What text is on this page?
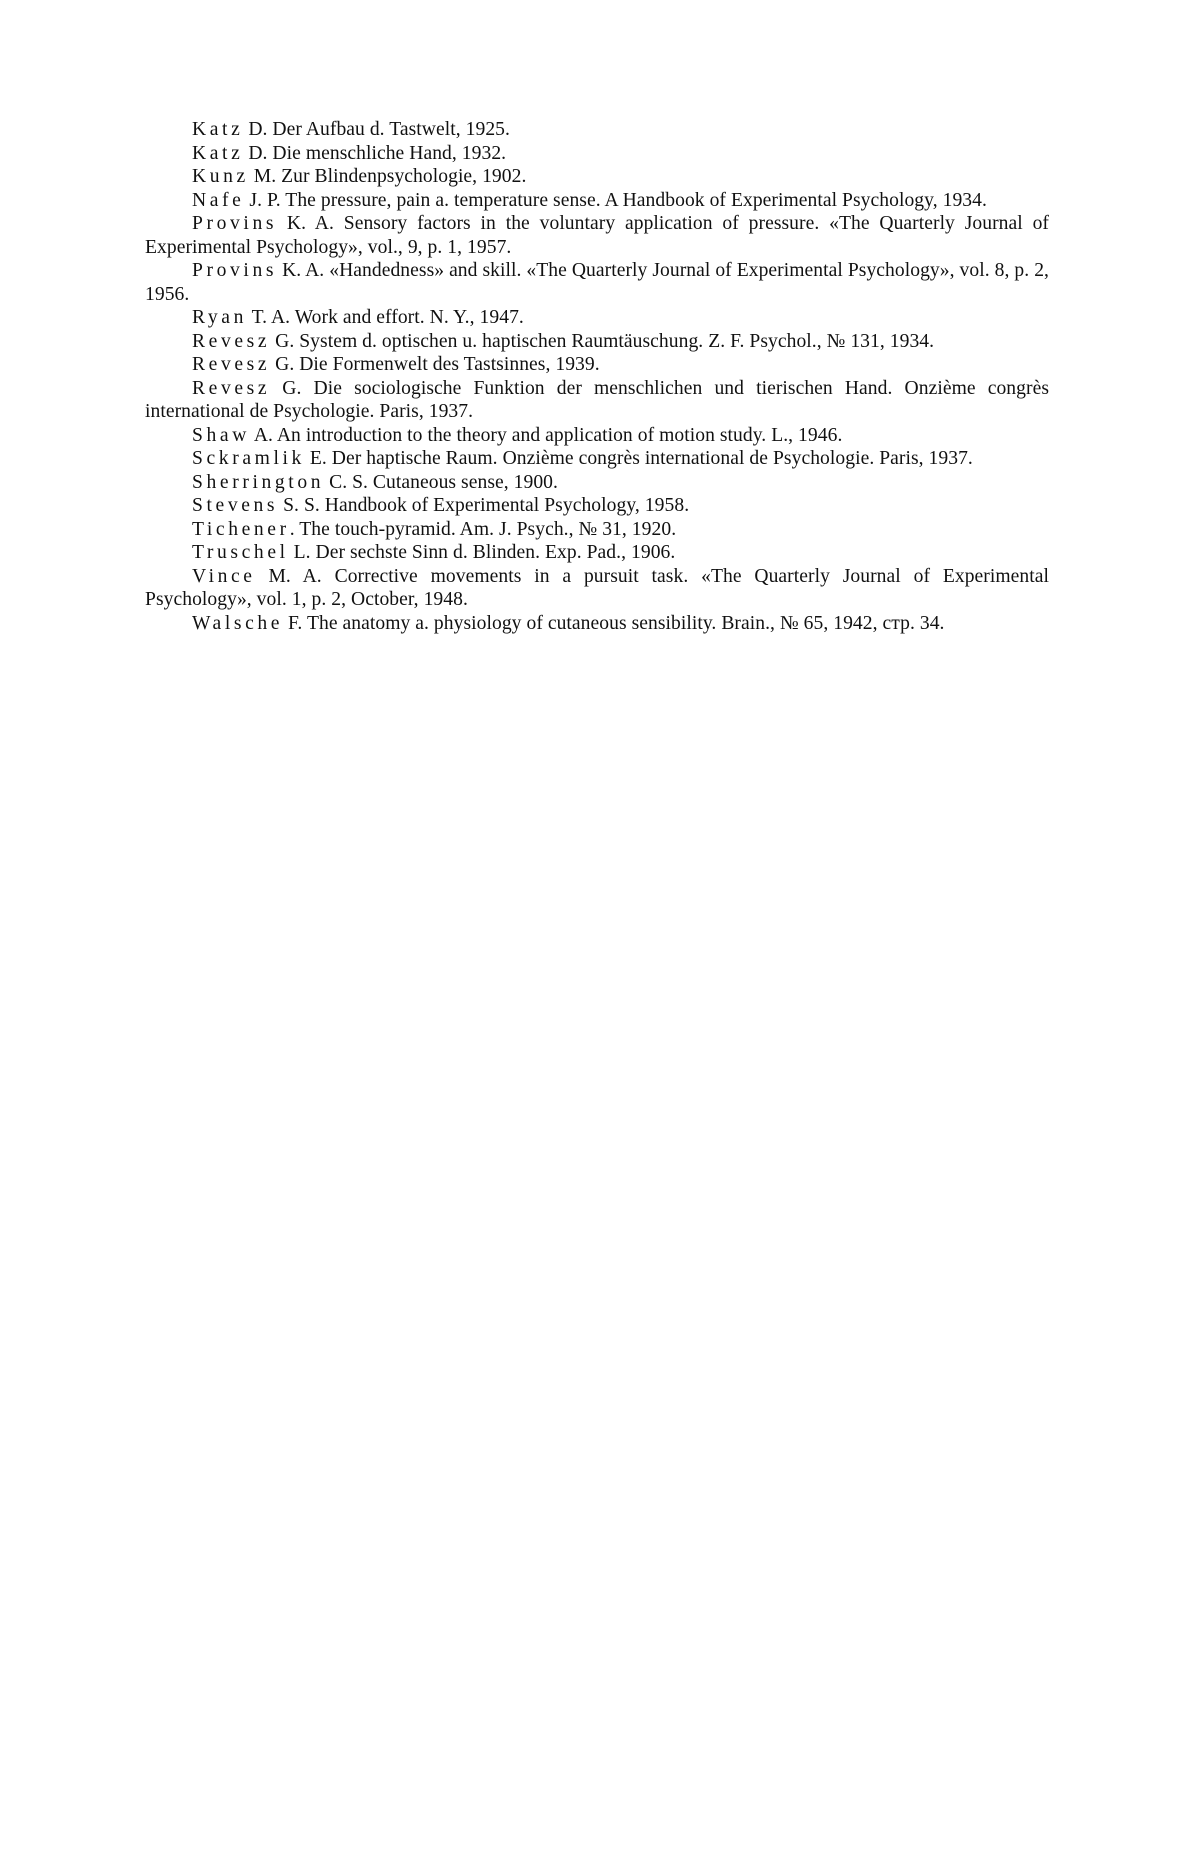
Katz D. Der Aufbau d. Tastwelt, 1925.

Katz D. Die menschliche Hand, 1932.

Kunz M. Zur Blindenpsychologie, 1902.

Nafe J. P. The pressure, pain a. temperature sense. A Handbook of Experimental Psychology, 1934.

Provins K. A. Sensory factors in the voluntary application of pressure. «The Quarterly Journal of Experimental Psychology», vol., 9, p. 1, 1957.

Provins K. A. «Handedness» and skill. «The Quarterly Journal of Experimental Psychology», vol. 8, p. 2, 1956.

Ryan T. A. Work and effort. N. Y., 1947.

Revesz G. System d. optischen u. haptischen Raumtäuschung. Z. F. Psychol., № 131, 1934.

Revesz G. Die Formenwelt des Tastsinnes, 1939.

Revesz G. Die sociologische Funktion der menschlichen und tierischen Hand. Onzième congrès international de Psychologie. Paris, 1937.

Shaw A. An introduction to the theory and application of motion study. L., 1946.

Sckramlik E. Der haptische Raum. Onzième congrès international de Psychologie. Paris, 1937.

Sherrington C. S. Cutaneous sense, 1900.

Stevens S. S. Handbook of Experimental Psychology, 1958.

Tichener. The touch-pyramid. Am. J. Psych., № 31, 1920.

Truschel L. Der sechste Sinn d. Blinden. Exp. Pad., 1906.

Vince M. A. Corrective movements in a pursuit task. «The Quarterly Journal of Experimental Psychology», vol. 1, p. 2, October, 1948.

Walsche F. The anatomy a. physiology of cutaneous sensibility. Brain., № 65, 1942, стр. 34.
